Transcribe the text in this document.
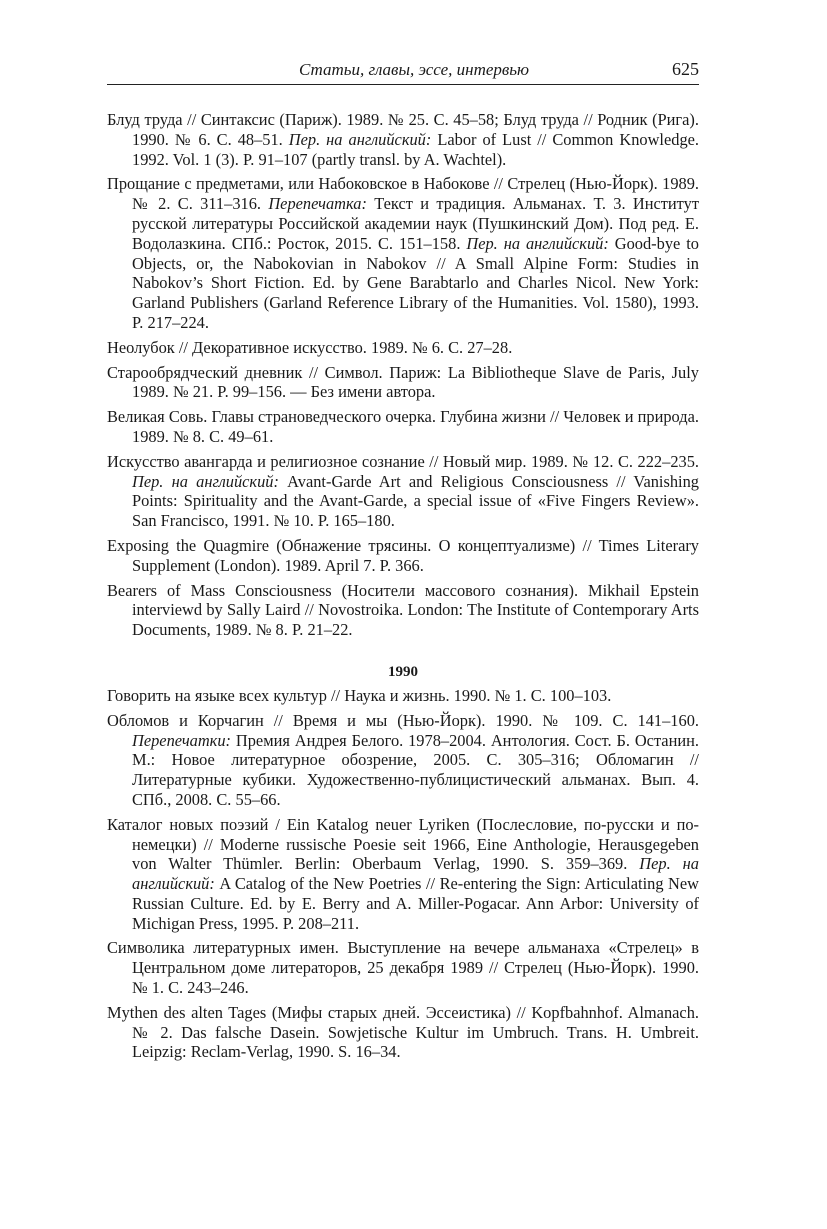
Статьи, главы, эссе, интервью	625

Блуд труда // Синтаксис (Париж). 1989. № 25. С. 45–58; Блуд труда // Родник (Рига). 1990. № 6. С. 48–51. Пер. на английский: Labor of Lust // Common Knowledge. 1992. Vol. 1 (3). P. 91–107 (partly transl. by A. Wachtel).

Прощание с предметами, или Набоковское в Набокове // Стрелец (Нью-Йорк). 1989. № 2. С. 311–316. Перепечатка: Текст и традиция. Альманах. Т. 3. Институт русской литературы Российской академии наук (Пушкинский Дом). Под ред. Е. Водолазкина. СПб.: Росток, 2015. С. 151–158. Пер. на английский: Good-bye to Objects, or, the Nabokovian in Nabokov // A Small Alpine Form: Studies in Nabokov’s Short Fiction. Ed. by Gene Barabtarlo and Charles Nicol. New York: Garland Publishers (Garland Reference Library of the Humanities. Vol. 1580), 1993. P. 217–224.

Неолубок // Декоративное искусство. 1989. № 6. С. 27–28.

Старообрядческий дневник // Символ. Париж: La Bibliotheque Slave de Paris, July 1989. № 21. P. 99–156. — Без имени автора.

Великая Совь. Главы страноведческого очерка. Глубина жизни // Человек и природа. 1989. № 8. С. 49–61.

Искусство авангарда и религиозное сознание // Новый мир. 1989. № 12. С. 222–235. Пер. на английский: Avant-Garde Art and Religious Consciousness // Vanishing Points: Spirituality and the Avant-Garde, a special issue of «Five Fingers Review». San Francisco, 1991. № 10. P. 165–180.

Exposing the Quagmire (Обнажение трясины. О концептуализме) // Times Literary Supplement (London). 1989. April 7. P. 366.

Bearers of Mass Consciousness (Носители массового сознания). Mikhail Epstein interviewd by Sally Laird // Novostroika. London: The Institute of Contemporary Arts Documents, 1989. № 8. P. 21–22.

1990

Говорить на языке всех культур // Наука и жизнь. 1990. № 1. С. 100–103.

Обломов и Корчагин // Время и мы (Нью-Йорк). 1990. № 109. С. 141–160. Перепечатки: Премия Андрея Белого. 1978–2004. Антология. Сост. Б. Останин. М.: Новое литературное обозрение, 2005. С. 305–316; Обломагин // Литературные кубики. Художественно-публицистический альманах. Вып. 4. СПб., 2008. С. 55–66.

Каталог новых поэзий / Ein Katalog neuer Lyriken (Послесловие, по-русски и по-немецки) // Moderne russische Poesie seit 1966, Eine Anthologie, Herausgegeben von Walter Thümler. Berlin: Oberbaum Verlag, 1990. S. 359–369. Пер. на английский: A Catalog of the New Poetries // Re-entering the Sign: Articulating New Russian Culture. Ed. by E. Berry and A. Miller-Pogacar. Ann Arbor: University of Michigan Press, 1995. P. 208–211.

Символика литературных имен. Выступление на вечере альманаха «Стрелец» в Центральном доме литераторов, 25 декабря 1989 // Стрелец (Нью-Йорк). 1990. № 1. С. 243–246.

Mythen des alten Tages (Мифы старых дней. Эссеистика) // Kopfbahnhof. Almanach. № 2. Das falsche Dasein. Sowjetische Kultur im Umbruch. Trans. H. Umbreit. Leipzig: Reclam-Verlag, 1990. S. 16–34.
